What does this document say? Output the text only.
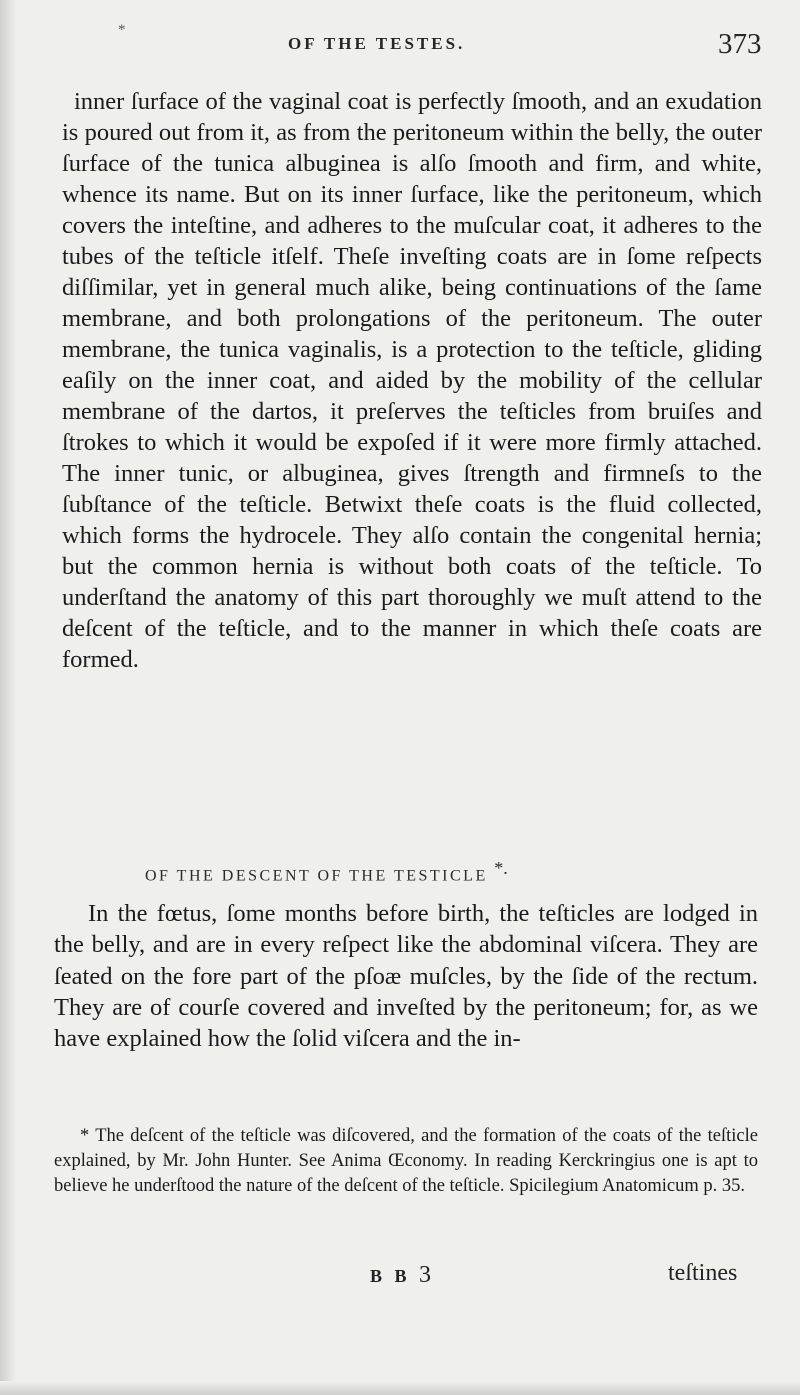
*
OF THE TESTES.	373

inner ſurface of the vaginal coat is perfectly ſmooth, and an exudation is poured out from it, as from the peritoneum within the belly, the outer ſurface of the tunica albuginea is alſo ſmooth and firm, and white, whence its name. But on its inner ſurface, like the peritoneum, which covers the inteſtine, and adheres to the muſcular coat, it adheres to the tubes of the teſticle itſelf. Theſe inveſting coats are in ſome reſpects diſſimilar, yet in general much alike, being continuations of the ſame membrane, and both prolongations of the peritoneum. The outer membrane, the tunica vaginalis, is a protection to the teſticle, gliding eaſily on the inner coat, and aided by the mobility of the cellular membrane of the dartos, it preſerves the teſticles from bruiſes and ſtrokes to which it would be expoſed if it were more firmly attached. The inner tunic, or albuginea, gives ſtrength and firmneſs to the ſubſtance of the teſticle. Betwixt theſe coats is the fluid collected, which forms the hydrocele. They alſo contain the congenital hernia; but the common hernia is without both coats of the teſticle. To underſtand the anatomy of this part thoroughly we muſt attend to the deſcent of the teſticle, and to the manner in which theſe coats are formed.

OF THE DESCENT OF THE TESTICLE *.

In the fœtus, ſome months before birth, the teſticles are lodged in the belly, and are in every reſpect like the abdominal viſcera. They are ſeated on the fore part of the pſoæ muſcles, by the ſide of the rectum. They are of courſe covered and inveſted by the peritoneum; for, as we have explained how the ſolid viſcera and the in-

* The deſcent of the teſticle was diſcovered, and the formation of the coats of the teſticle explained, by Mr. John Hunter. See Anima Œconomy. In reading Kerckringius one is apt to believe he underſtood the nature of the deſcent of the teſticle. Spicilegium Anatomicum p. 35.

B B 3	teſtines
